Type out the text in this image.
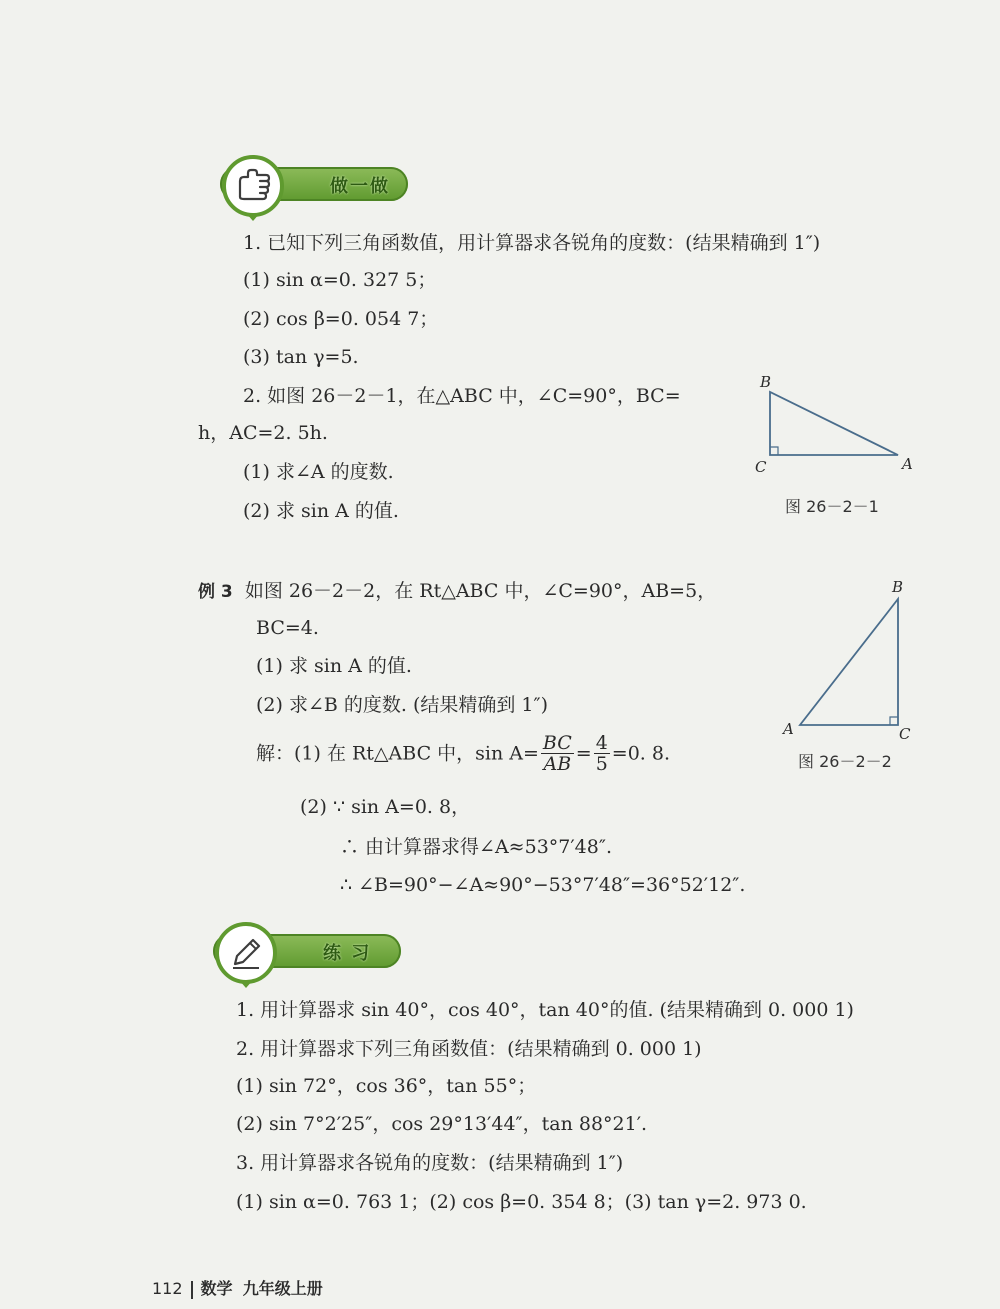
做一做
1. 已知下列三角函数值，用计算器求各锐角的度数：(结果精确到 1″)
(1) sin α=0. 327 5；
(2) cos β=0. 054 7；
(3) tan γ=5.
2. 如图 26－2－1，在△ABC 中，∠C=90°，BC=
h，AC=2. 5h.
(1) 求∠A 的度数.
(2) 求 sin A 的值.
B
C	A
图 26－2－1
例 3 如图 26－2－2，在 Rt△ABC 中，∠C=90°，AB=5，
BC=4.
(1) 求 sin A 的值.
(2) 求∠B 的度数. (结果精确到 1″)
解：(1) 在 Rt△ABC 中，$\sin A= \frac{BC}{AB} = \frac{4}{5} =0$. 8.
(2) ∵ sin A=0. 8，
∴ 由计算器求得∠A≈53°7′48″.
∴ ∠B=90°−∠A≈90°−53°7′48″=36°52′12″.
B
A	C
图 26－2－2
练 习
1. 用计算器求 sin 40°，cos 40°，tan 40°的值. (结果精确到 0. 000 1)
2. 用计算器求下列三角函数值：(结果精确到 0. 000 1)
(1) sin 72°，cos 36°，tan 55°；
(2) sin 7°2′25″，cos 29°13′44″，tan 88°21′.
3. 用计算器求各锐角的度数：(结果精确到 1″)
(1) sin α=0. 763 1；(2) cos β=0. 354 8；(3) tan γ=2. 973 0.
112 数学 九年级上册
